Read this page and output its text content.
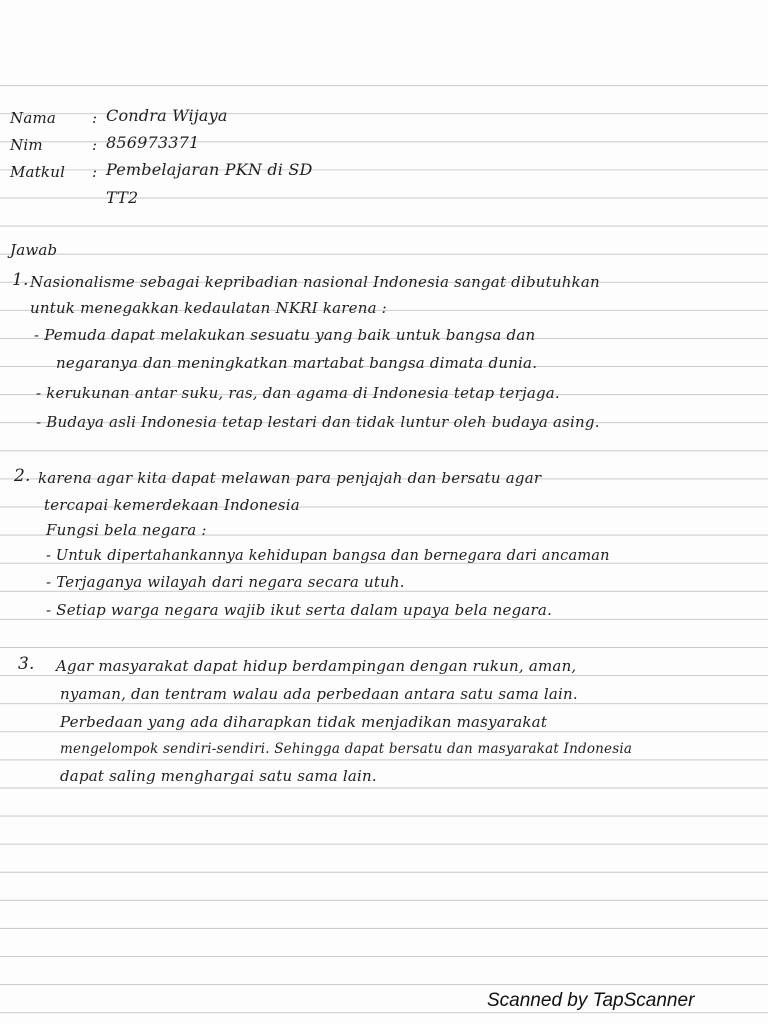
Nama	: Condra Wijaya
Nim	: 856973371
Matkul	: Pembelajaran PKN di SD
TT2
Jawab
1. Nasionalisme sebagai kepribadian nasional Indonesia sangat dibutuhkan
untuk menegakkan kedaulatan NKRI karena :
- Pemuda dapat melakukan sesuatu yang baik untuk bangsa dan
negaranya dan meningkatkan martabat bangsa dimata dunia.
- kerukunan antar suku, ras, dan agama di Indonesia tetap terjaga.
- Budaya asli Indonesia tetap lestari dan tidak luntur oleh budaya asing.
2. karena agar kita dapat melawan para penjajah dan bersatu agar
tercapai kemerdekaan Indonesia
Fungsi bela negara :
- Untuk dipertahankannya kehidupan bangsa dan bernegara dari ancaman
- Terjaganya wilayah dari negara secara utuh.
- Setiap warga negara wajib ikut serta dalam upaya bela negara.
3. Agar masyarakat dapat hidup berdampingan dengan rukun, aman,
nyaman, dan tentram walau ada perbedaan antara satu sama lain.
Perbedaan yang ada diharapkan tidak menjadikan masyarakat
mengelompok sendiri-sendiri. Sehingga dapat bersatu dan masyarakat Indonesia
dapat saling menghargai satu sama lain.
Scanned by TapScanner
